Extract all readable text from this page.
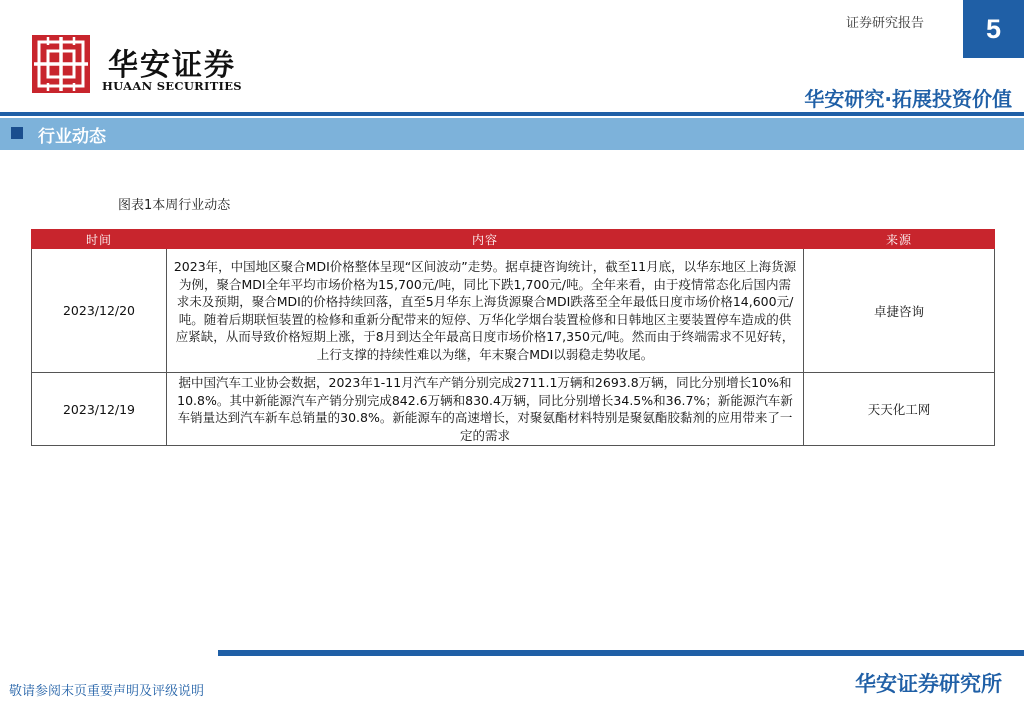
华安证券
HUAAN SECURITIES
证券研究报告 5
华安研究·拓展投资价值
行业动态
图表1本周行业动态
时间	内容	来源
2023/12/20	2023年，中国地区聚合MDI价格整体呈现“区间波动”走势。据卓捷咨询统计，截至11月底，以华东地区上海货源为例，聚合MDI全年平均市场价格为15,700元/吨，同比下跌1,700元/吨。全年来看，由于疫情常态化后国内需求未及预期，聚合MDI的价格持续回落，直至5月华东上海货源聚合MDI跌落至全年最低日度市场价格14,600元/吨。随着后期联恒装置的检修和重新分配带来的短停、万华化学烟台装置检修和日韩地区主要装置停车造成的供应紧缺，从而导致价格短期上涨，于8月到达全年最高日度市场价格17,350元/吨。然而由于终端需求不见好转，上行支撑的持续性难以为继，年末聚合MDI以弱稳走势收尾。	卓捷咨询
2023/12/19	据中国汽车工业协会数据，2023年1-11月汽车产销分别完成2711.1万辆和2693.8万辆，同比分别增长10%和10.8%。其中新能源汽车产销分别完成842.6万辆和830.4万辆，同比分别增长34.5%和36.7%；新能源汽车新车销量达到汽车新车总销量的30.8%。新能源车的高速增长，对聚氨酯材料特别是聚氨酯胶黏剂的应用带来了一定的需求	天天化工网
敬请参阅末页重要声明及评级说明	华安证券研究所
